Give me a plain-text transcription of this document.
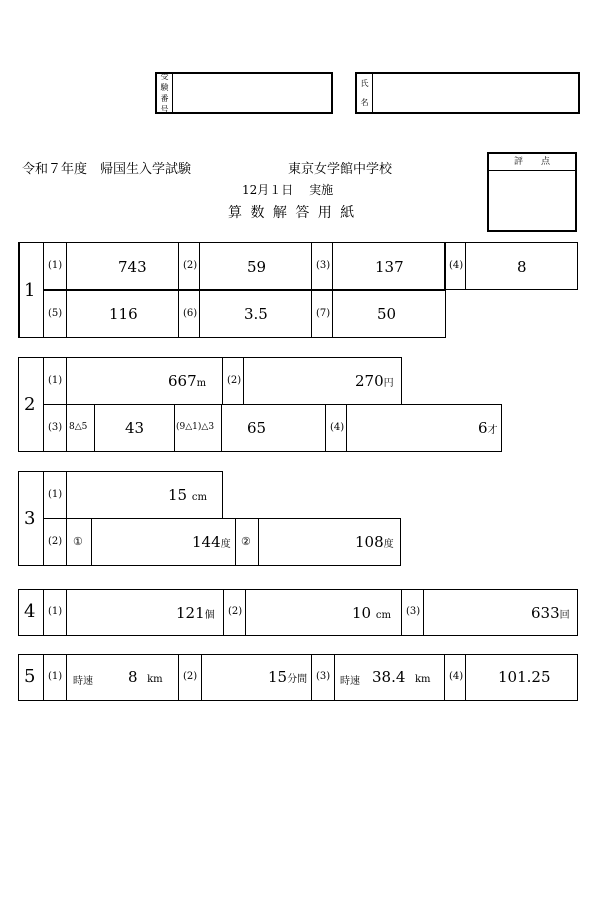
受
験
番
号
氏
名
令和７年度　帰国生入学試験	東京女学館中学校
12月１日　 実施
算 数 解 答 用 紙
評　　点
1
(1)	743	(2)	59	(3)	137	(4)	8
(5)	116	(6)	3.5	(7)	50
2
(1)	667m (2)	270円
(3) 8△5	43	(9△1)△3 65	(4)	6才
3
(1)	15 cm
(2) ①	144度 ②	108度
4 (1)	121個 (2)	10 cm (3)	633回
5 (1) 時速 8 km (2)	15分間 (3) 時速 38.4 km (4) 101.25
